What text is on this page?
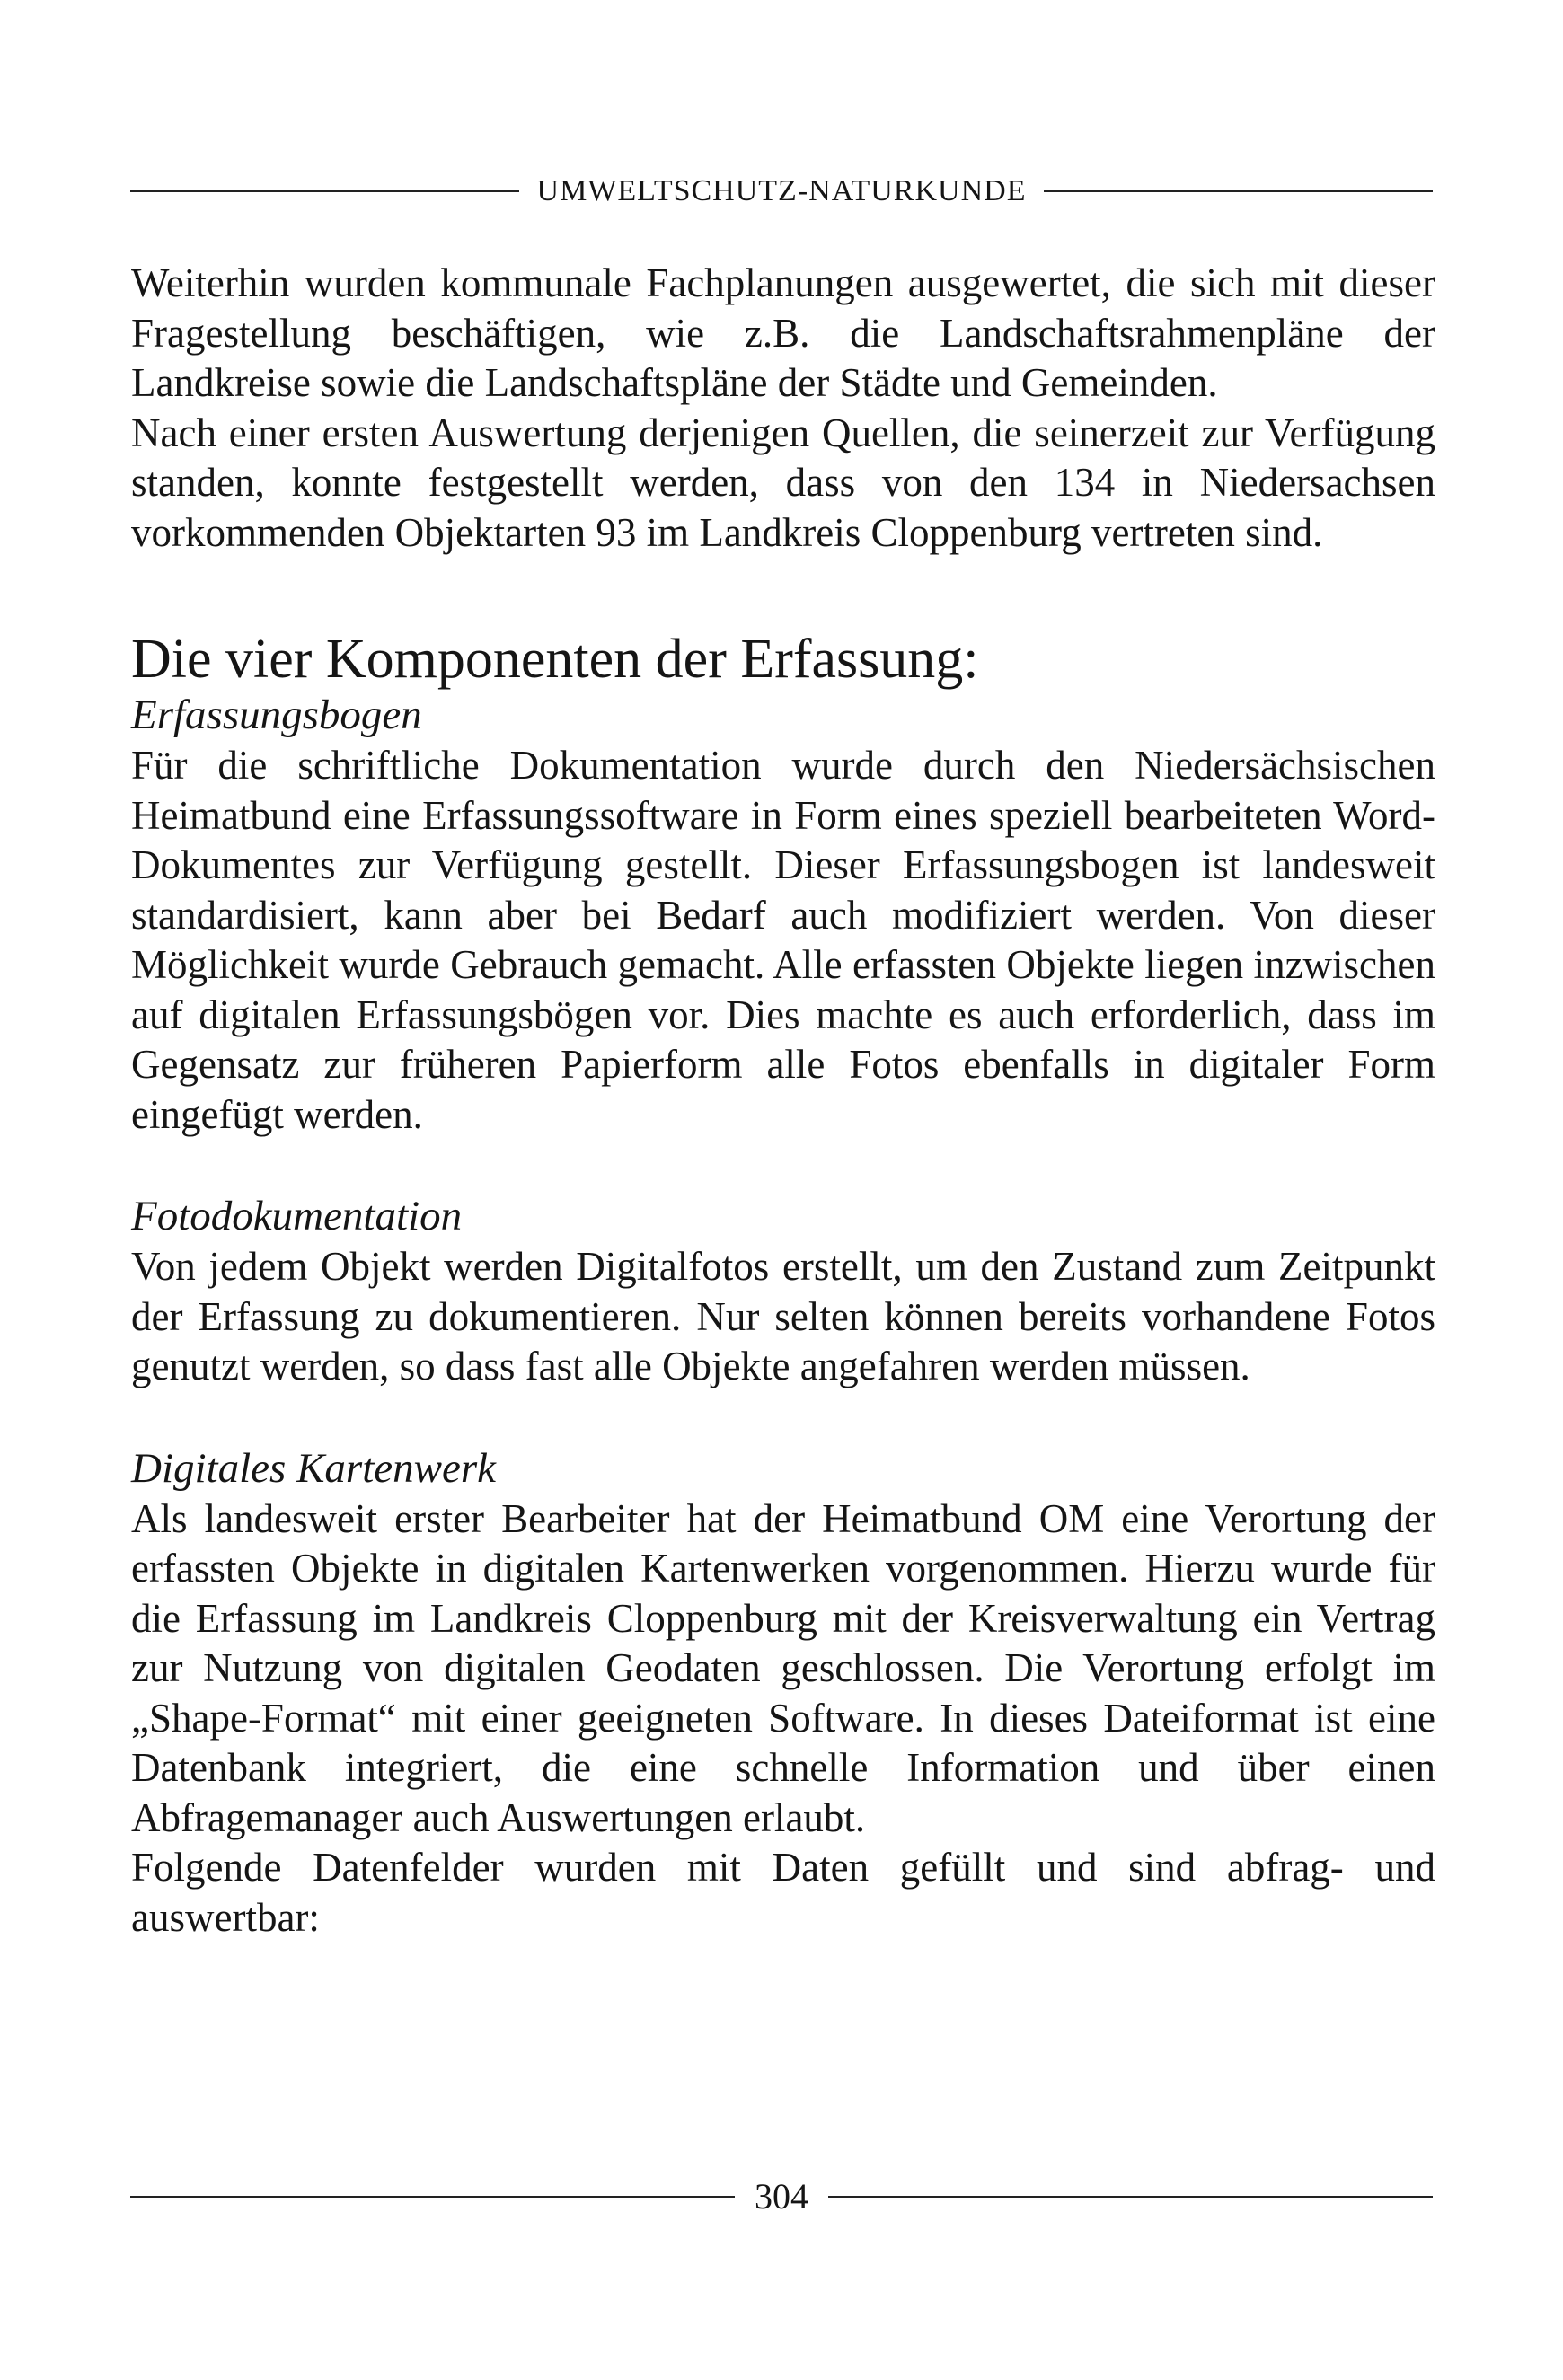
UMWELTSCHUTZ-NATURKUNDE

Weiterhin wurden kommunale Fachplanungen ausgewertet, die sich mit dieser Fragestellung beschäftigen, wie z.B. die Landschaftsrahmenpläne der Landkreise sowie die Landschaftspläne der Städte und Gemeinden.

Nach einer ersten Auswertung derjenigen Quellen, die seinerzeit zur Verfügung standen, konnte festgestellt werden, dass von den 134 in Niedersachsen vorkommenden Objektarten 93 im Landkreis Cloppenburg vertreten sind.

Die vier Komponenten der Erfassung:
Erfassungsbogen

Für die schriftliche Dokumentation wurde durch den Niedersächsischen Heimatbund eine Erfassungssoftware in Form eines speziell bearbeiteten Word-Dokumentes zur Verfügung gestellt. Dieser Erfassungsbogen ist landesweit standardisiert, kann aber bei Bedarf auch modifiziert werden. Von dieser Möglichkeit wurde Gebrauch gemacht. Alle erfassten Objekte liegen inzwischen auf digitalen Erfassungsbögen vor. Dies machte es auch erforderlich, dass im Gegensatz zur früheren Papierform alle Fotos ebenfalls in digitaler Form eingefügt werden.

Fotodokumentation

Von jedem Objekt werden Digitalfotos erstellt, um den Zustand zum Zeitpunkt der Erfassung zu dokumentieren. Nur selten können bereits vorhandene Fotos genutzt werden, so dass fast alle Objekte angefahren werden müssen.

Digitales Kartenwerk

Als landesweit erster Bearbeiter hat der Heimatbund OM eine Verortung der erfassten Objekte in digitalen Kartenwerken vorgenommen. Hierzu wurde für die Erfassung im Landkreis Cloppenburg mit der Kreisverwaltung ein Vertrag zur Nutzung von digitalen Geodaten geschlossen. Die Verortung erfolgt im „Shape-Format“ mit einer geeigneten Software. In dieses Dateiformat ist eine Datenbank integriert, die eine schnelle Information und über einen Abfragemanager auch Auswertungen erlaubt.

Folgende Datenfelder wurden mit Daten gefüllt und sind abfrag- und auswertbar:

304
